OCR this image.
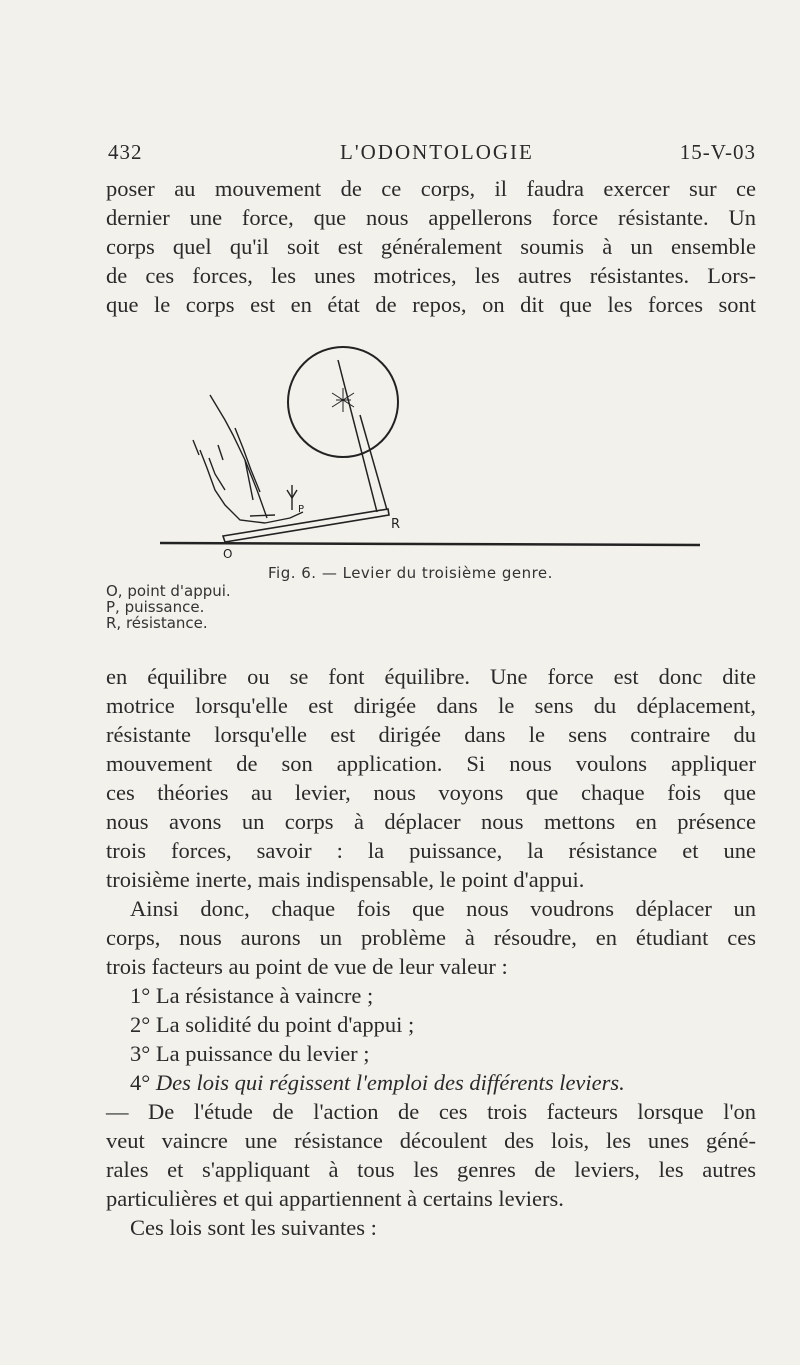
432	L'ODONTOLOGIE	15-V-03
poser au mouvement de ce corps, il faudra exercer sur ce
dernier une force, que nous appellerons force résistante. Un
corps quel qu'il soit est généralement soumis à un ensemble
de ces forces, les unes motrices, les autres résistantes. Lors-
que le corps est en état de repos, on dit que les forces sont
P
R
O
Fig. 6. — Levier du troisième genre.
O, point d'appui.
P, puissance.
R, résistance.
en équilibre ou se font équilibre. Une force est donc dite
motrice lorsqu'elle est dirigée dans le sens du déplacement,
résistante lorsqu'elle est dirigée dans le sens contraire du
mouvement de son application. Si nous voulons appliquer
ces théories au levier, nous voyons que chaque fois que
nous avons un corps à déplacer nous mettons en présence
trois forces, savoir : la puissance, la résistance et une
troisième inerte, mais indispensable, le point d'appui.
Ainsi donc, chaque fois que nous voudrons déplacer un
corps, nous aurons un problème à résoudre, en étudiant ces
trois facteurs au point de vue de leur valeur :
1° La résistance à vaincre ;
2° La solidité du point d'appui ;
3° La puissance du levier ;
4° Des lois qui régissent l'emploi des différents leviers.
— De l'étude de l'action de ces trois facteurs lorsque l'on
veut vaincre une résistance découlent des lois, les unes géné-
rales et s'appliquant à tous les genres de leviers, les autres
particulières et qui appartiennent à certains leviers.
Ces lois sont les suivantes :
